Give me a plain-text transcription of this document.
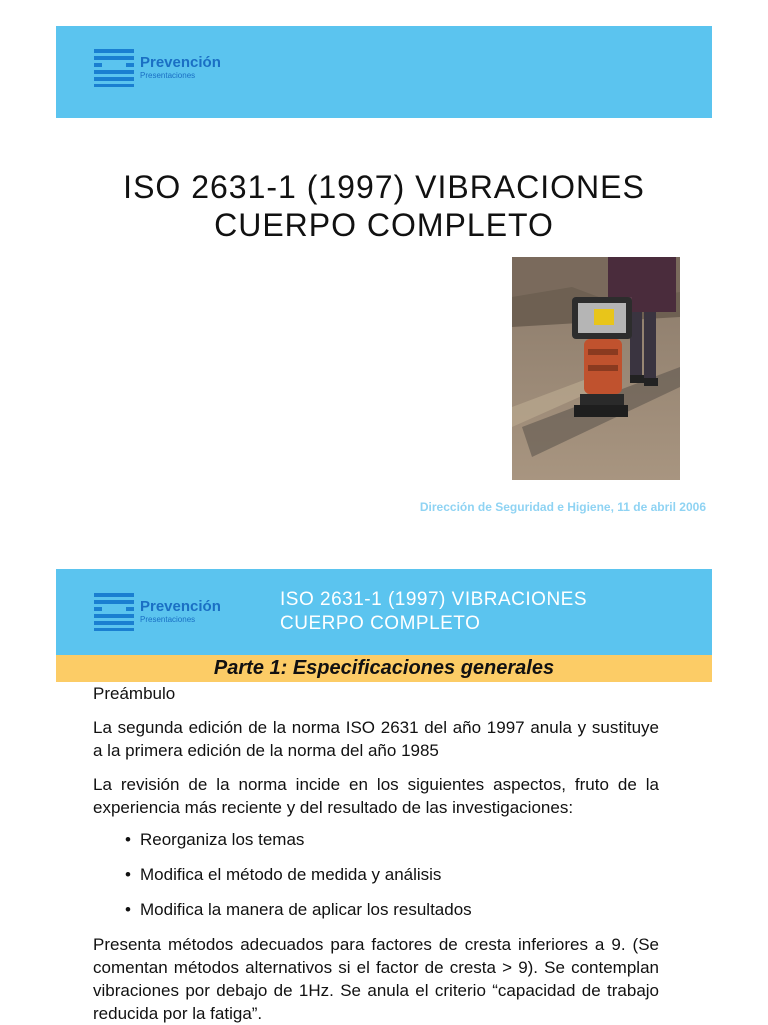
Prevención
Presentaciones
ISO 2631-1 (1997) VIBRACIONES
CUERPO COMPLETO
Dirección de Seguridad e Higiene, 11 de abril 2006
Prevención
Presentaciones
ISO 2631-1 (1997) VIBRACIONES
CUERPO COMPLETO
Parte 1: Especificaciones generales

Preámbulo

La segunda edición de la norma ISO 2631 del año 1997 anula y sustituye a la primera edición de la norma del año 1985

La revisión de la norma incide en los siguientes aspectos, fruto de la experiencia más reciente y del resultado de las investigaciones:

• Reorganiza los temas
• Modifica el método de medida y análisis
• Modifica la manera de aplicar los resultados

Presenta métodos adecuados para factores de cresta inferiores a 9. (Se comentan métodos alternativos si el factor de cresta > 9). Se contemplan vibraciones por debajo de 1Hz. Se anula el criterio “capacidad de trabajo reducida por la fatiga”.
